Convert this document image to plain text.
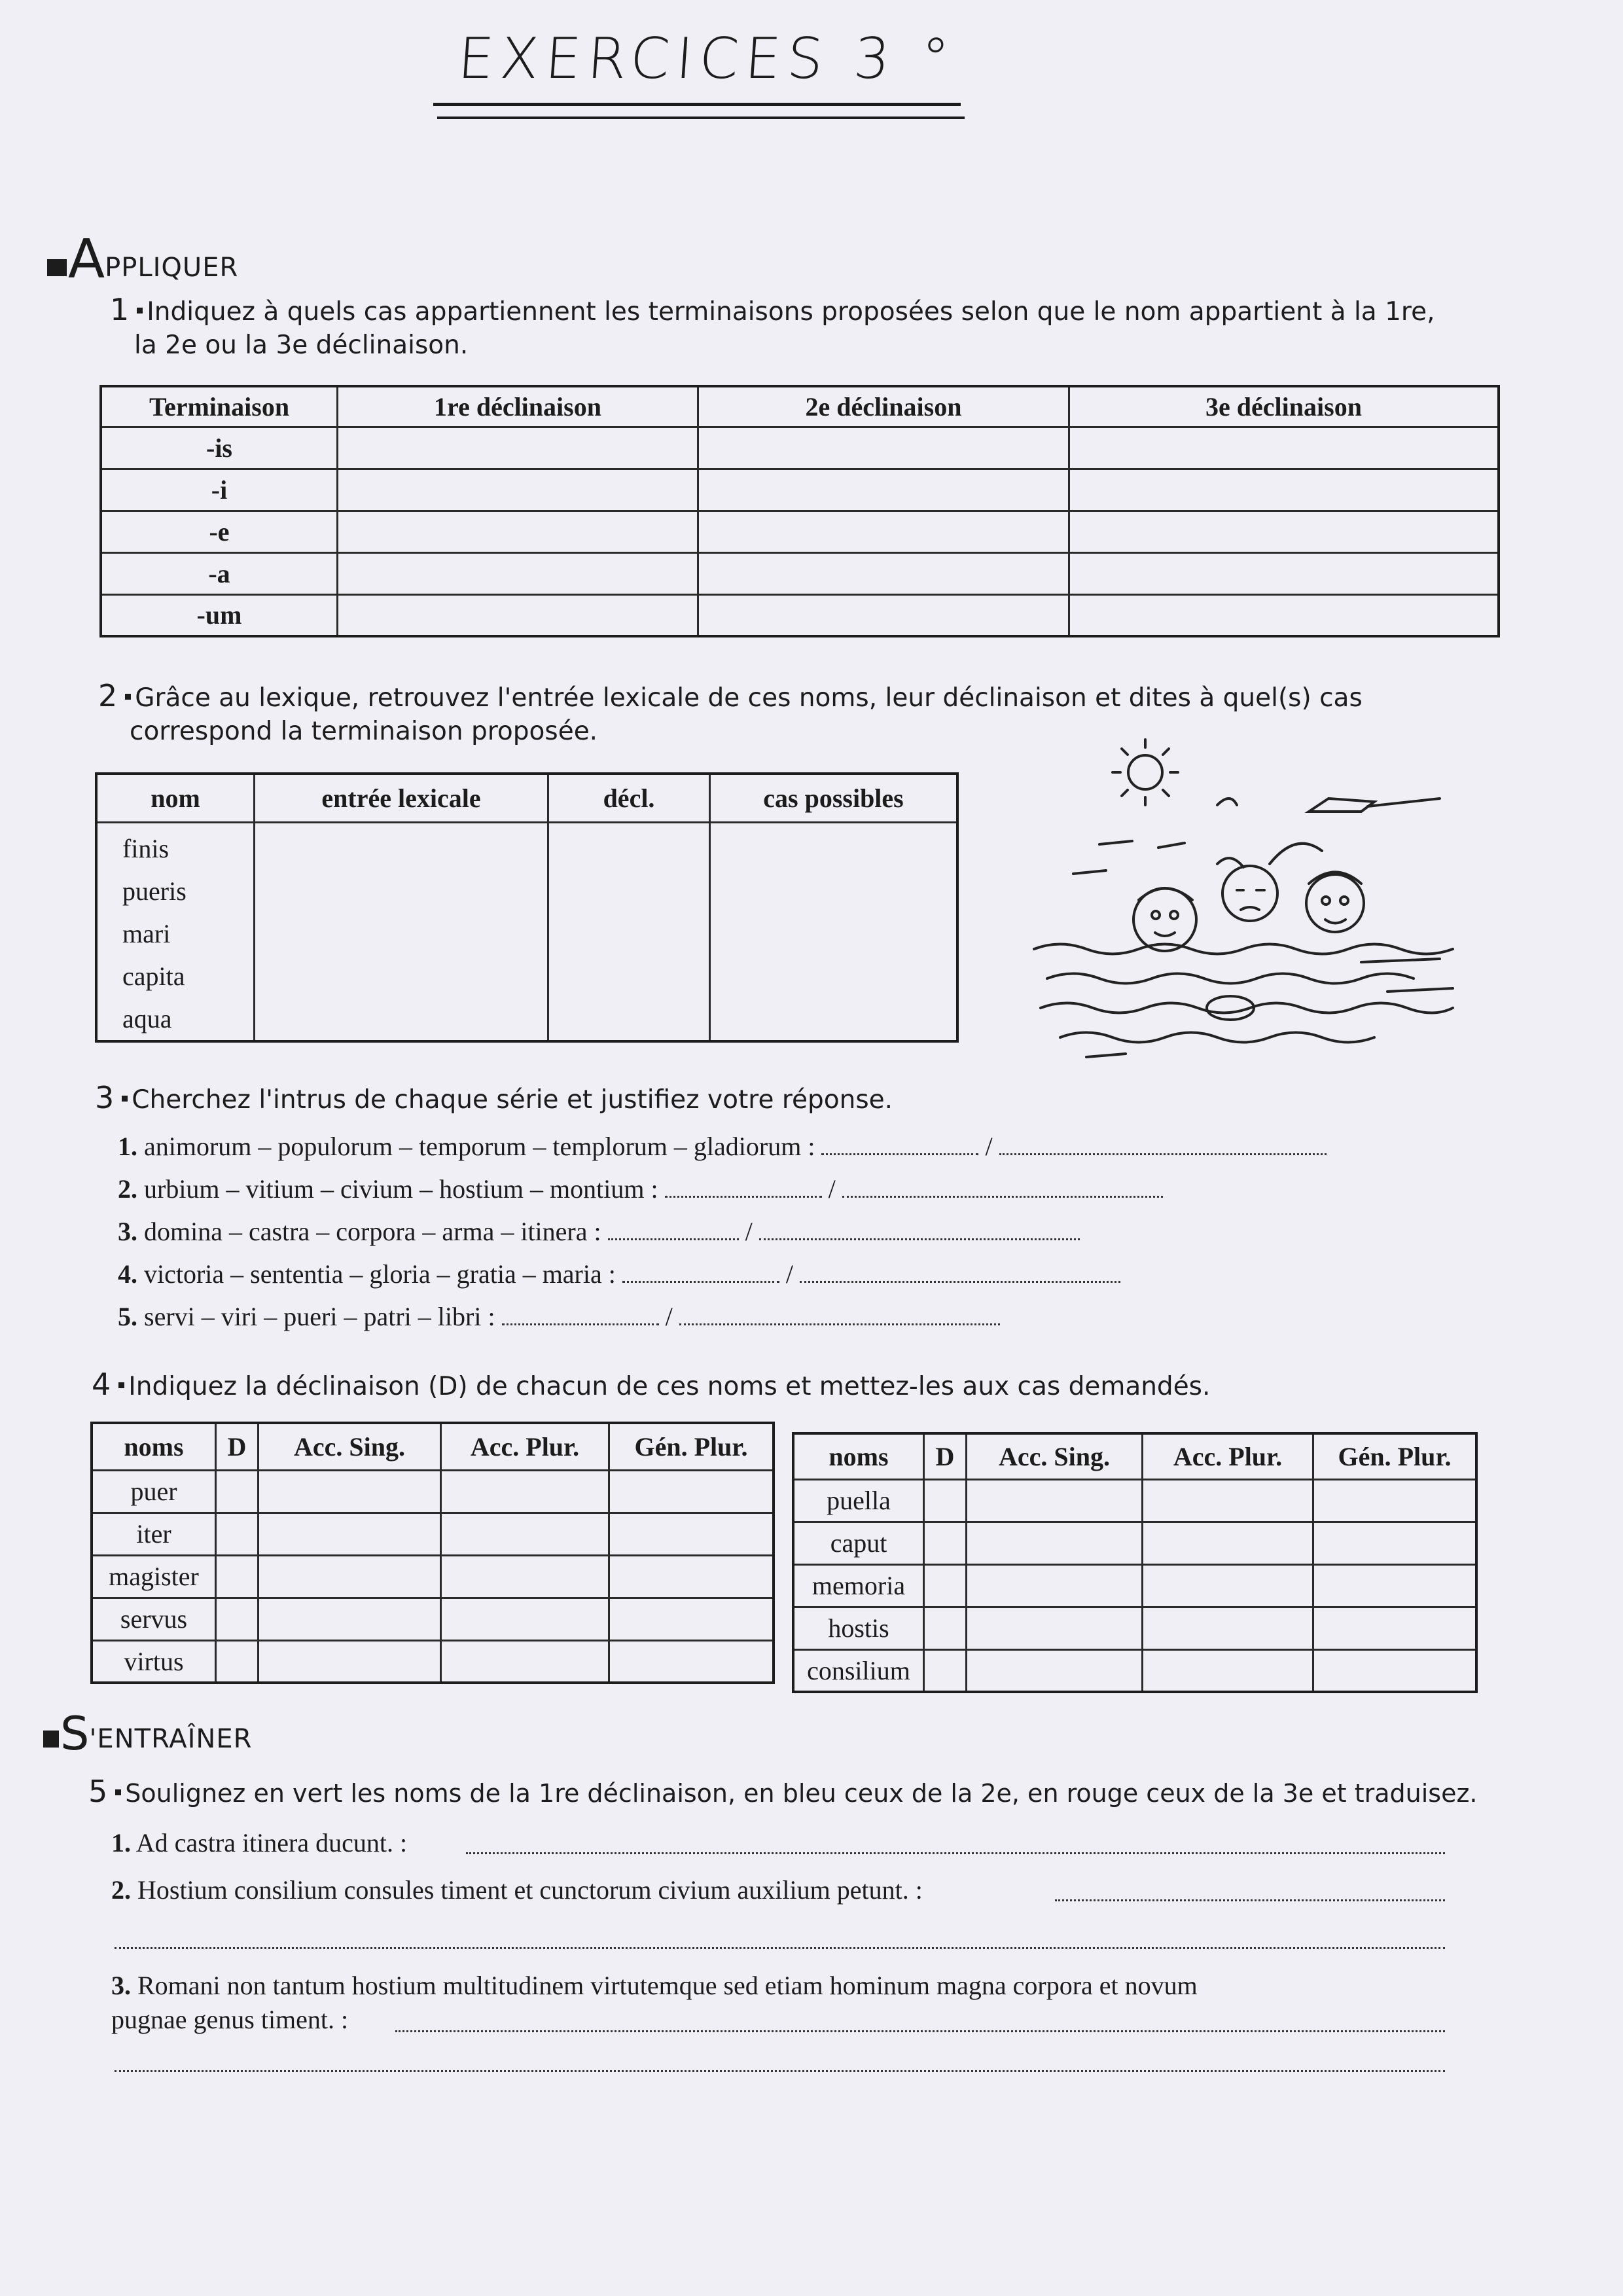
EXERCICES 3 °
A PPLIQUER
1 Indiquez à quels cas appartiennent les terminaisons proposées selon que le nom appartient à la 1re,
la 2e ou la 3e déclinaison.
Terminaison	1re déclinaison	2e déclinaison	3e déclinaison
-is			
-i			
-e			
-a			
-um			
2 Grâce au lexique, retrouvez l'entrée lexicale de ces noms, leur déclinaison et dites à quel(s) cas
correspond la terminaison proposée.
nom	entrée lexicale	décl.	cas possibles

finis
pueris
mari
capita
aqua			

3 Cherchez l'intrus de chaque série et justifiez votre réponse.
1. animorum – populorum – temporum – templorum – gladiorum :	/
2. urbium – vitium – civium – hostium – montium :	/
3. domina – castra – corpora – arma – itinera :	/
4. victoria – sententia – gloria – gratia – maria :	/
5. servi – viri – pueri – patri – libri :	/
4 Indiquez la déclinaison (D) de chacun de ces noms et mettez-les aux cas demandés.
noms	D	Acc. Sing.	Acc. Plur.	Gén. Plur.
puer				
iter				
magister				
servus				
virtus				
noms	D	Acc. Sing.	Acc. Plur.	Gén. Plur.
puella				
caput				
memoria				
hostis				
consilium				
S 'ENTRAÎNER
5 Soulignez en vert les noms de la 1re déclinaison, en bleu ceux de la 2e, en rouge ceux de la 3e et traduisez.
1. Ad castra itinera ducunt. :
2. Hostium consilium consules timent et cunctorum civium auxilium petunt. :
3. Romani non tantum hostium multitudinem virtutemque sed etiam hominum magna corpora et novum
pugnae genus timent. :
